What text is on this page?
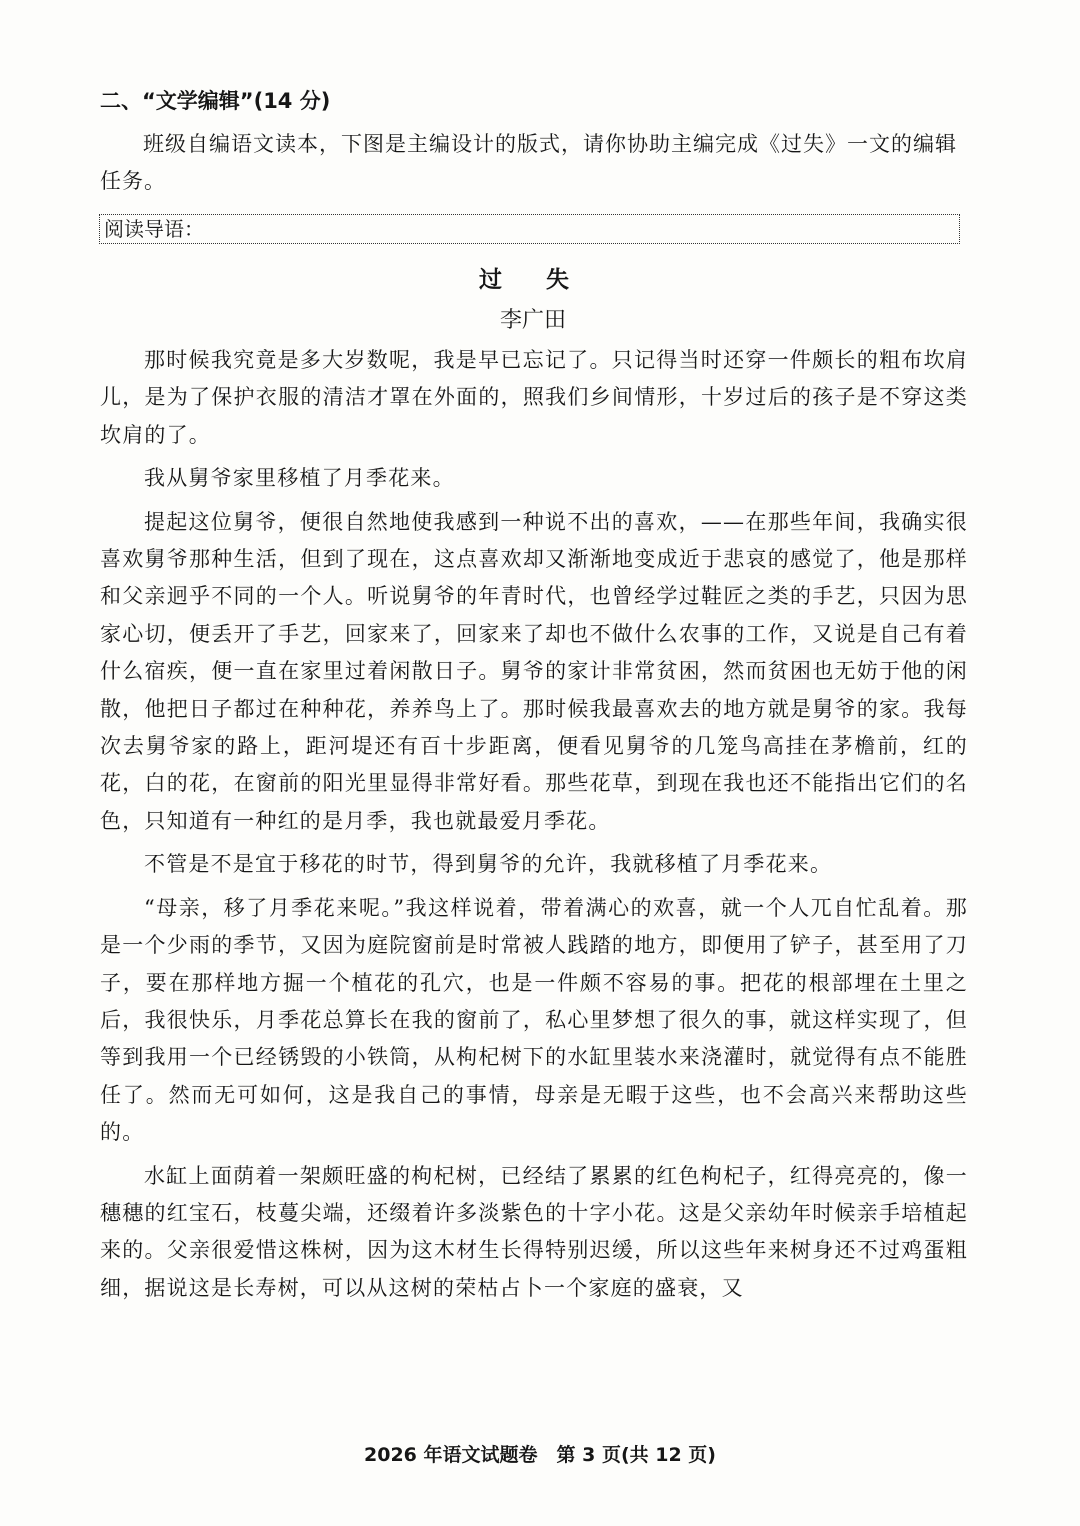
二、“文学编辑”(14 分)

班级自编语文读本，下图是主编设计的版式，请你协助主编完成《过失》一文的编辑任务。

阅读导语：
过 失
李广田

那时候我究竟是多大岁数呢，我是早已忘记了。只记得当时还穿一件颇长的粗布坎肩儿，是为了保护衣服的清洁才罩在外面的，照我们乡间情形，十岁过后的孩子是不穿这类坎肩的了。

我从舅爷家里移植了月季花来。

提起这位舅爷，便很自然地使我感到一种说不出的喜欢，——在那些年间，我确实很喜欢舅爷那种生活，但到了现在，这点喜欢却又渐渐地变成近于悲哀的感觉了，他是那样和父亲迥乎不同的一个人。听说舅爷的年青时代，也曾经学过鞋匠之类的手艺，只因为思家心切，便丢开了手艺，回家来了，回家来了却也不做什么农事的工作，又说是自己有着什么宿疾，便一直在家里过着闲散日子。舅爷的家计非常贫困，然而贫困也无妨于他的闲散，他把日子都过在种种花，养养鸟上了。那时候我最喜欢去的地方就是舅爷的家。我每次去舅爷家的路上，距河堤还有百十步距离，便看见舅爷的几笼鸟高挂在茅檐前，红的花，白的花，在窗前的阳光里显得非常好看。那些花草，到现在我也还不能指出它们的名色，只知道有一种红的是月季，我也就最爱月季花。

不管是不是宜于移花的时节，得到舅爷的允许，我就移植了月季花来。

“母亲，移了月季花来呢。”我这样说着，带着满心的欢喜，就一个人兀自忙乱着。那是一个少雨的季节，又因为庭院窗前是时常被人践踏的地方，即便用了铲子，甚至用了刀子，要在那样地方掘一个植花的孔穴，也是一件颇不容易的事。把花的根部埋在土里之后，我很快乐，月季花总算长在我的窗前了，私心里梦想了很久的事，就这样实现了，但等到我用一个已经锈毁的小铁筒，从枸杞树下的水缸里装水来浇灌时，就觉得有点不能胜任了。然而无可如何，这是我自己的事情，母亲是无暇于这些，也不会高兴来帮助这些的。

水缸上面荫着一架颇旺盛的枸杞树，已经结了累累的红色枸杞子，红得亮亮的，像一穗穗的红宝石，枝蔓尖端，还缀着许多淡紫色的十字小花。这是父亲幼年时候亲手培植起来的。父亲很爱惜这株树，因为这木材生长得特别迟缓，所以这些年来树身还不过鸡蛋粗细，据说这是长寿树，可以从这树的荣枯占卜一个家庭的盛衰，又

2026 年语文试题卷　第 3 页(共 12 页)
